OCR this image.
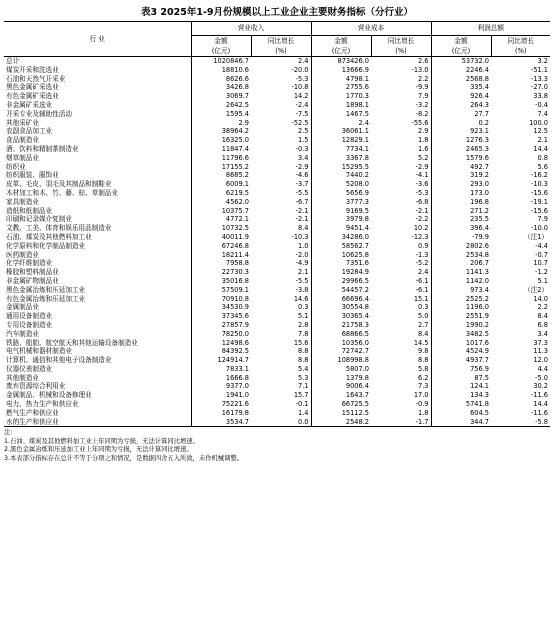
表3 2025年1-9月份规模以上工业企业主要财务指标（分行业）
行 业	营业收入		营业成本		利润总额	
	金额	同比增长	金额	同比增长	金额	同比增长
	(亿元)	(%)	(亿元)	(%)	(亿元)	(%)
总计	1020846.7	2.4	873426.0	2.6	53732.0	3.2
煤炭开采和洗选业	18810.6	-20.0	13666.9	-13.0	2246.4	-51.1
石油和天然气开采业	8626.6	-5.3	4798.1	2.2	2568.8	-13.3
黑色金属矿采选业	3426.8	-10.8	2755.6	-9.9	335.4	-27.0
有色金属矿采选业	3069.7	14.2	1770.3	7.9	926.4	33.8
非金属矿采选业	2642.5	-2.4	1898.1	-3.2	264.3	-0.4
开采专业及辅助性活动	1595.4	-7.5	1467.5	-8.2	27.7	7.4
其他采矿业	2.9	-52.5	2.4	-55.6	0.2	100.0
农副食品加工业	38964.2	2.5	36061.1	2.9	923.1	12.5
食品制造业	16325.0	1.5	12829.1	1.8	1276.3	2.1
酒、饮料和精制茶制造业	11847.4	-0.3	7734.1	1.6	2465.3	14.4
烟草制品业	11796.6	3.4	3367.8	5.2	1579.6	0.8
纺织业	17155.2	-2.9	15295.5	-2.9	492.7	5.6
纺织服装、服饰业	8685.2	-4.6	7440.2	-4.1	319.2	-16.2
皮革、毛皮、羽毛及其制品和制鞋业	6009.1	-3.7	5208.0	-3.6	293.0	-10.3
木材加工和木、竹、藤、棕、草制品业	6219.5	-5.5	5656.9	-5.3	173.0	-15.6
家具制造业	4562.0	-6.7	3777.3	-6.8	196.8	-19.1
造纸和纸制品业	10375.7	-2.1	9169.5	-2.1	271.2	-15.6
印刷和记录媒介复制业	4772.1	-2.1	3979.8	-2.2	235.5	7.9
文教、工美、体育和娱乐用品制造业	10732.5	8.4	9451.4	10.2	396.4	-10.0
石油、煤炭及其他燃料加工业	40011.9	-10.3	34286.0	-12.3	-79.9	（注1）
化学原料和化学制品制造业	67246.8	1.0	58562.7	0.9	2802.6	-4.4
医药制造业	18211.4	-2.0	10625.8	-1.3	2534.8	-0.7
化学纤维制造业	7958.8	-4.9	7351.6	-5.2	206.7	10.7
橡胶和塑料制品业	22730.3	2.1	19284.9	2.4	1141.3	-1.2
非金属矿物制品业	35016.8	-5.5	29966.5	-6.1	1142.0	5.1
黑色金属冶炼和压延加工业	57509.1	-3.8	54457.2	-6.1	973.4	（注2）
有色金属冶炼和压延加工业	70910.8	14.6	66696.4	15.1	2525.2	14.0
金属制品业	34530.9	0.3	30554.8	0.3	1196.0	2.2
通用设备制造业	37345.6	5.1	30365.4	5.0	2551.9	8.4
专用设备制造业	27857.9	2.8	21758.3	2.7	1990.2	6.8
汽车制造业	78250.0	7.8	68866.5	8.4	3482.5	3.4
铁路、船舶、航空航天和其他运输设备制造业	12498.6	15.6	10356.0	14.5	1017.6	37.3
电气机械和器材制造业	84392.5	8.8	72742.7	9.8	4524.9	11.3
计算机、通信和其他电子设备制造业	124914.7	8.8	108998.8	8.8	4937.7	12.0
仪器仪表制造业	7833.1	5.4	5807.0	5.8	756.9	4.4
其他制造业	1666.8	5.3	1379.8	6.2	87.5	-5.0
废弃资源综合利用业	9377.0	7.1	9006.4	7.3	124.1	30.2
金属制品、机械和设备修理业	1941.0	15.7	1643.7	17.0	134.3	-11.6
电力、热力生产和供应业	75221.6	-0.1	66725.5	-0.9	5741.8	14.4
燃气生产和供应业	16179.8	1.4	15112.5	1.8	604.5	-11.6
水的生产和供应业	3534.7	0.0	2548.2	-1.7	344.7	-5.8
注：
1.石油、煤炭及其他燃料加工业上年同期为亏损，无法计算同比增速。
2.黑色金属冶炼和压延加工业上年同期为亏损，无法计算同比增速。
3.本表部分指标存在总计不等于分项之和情况，是数据四舍五入所致，未作机械调整。
